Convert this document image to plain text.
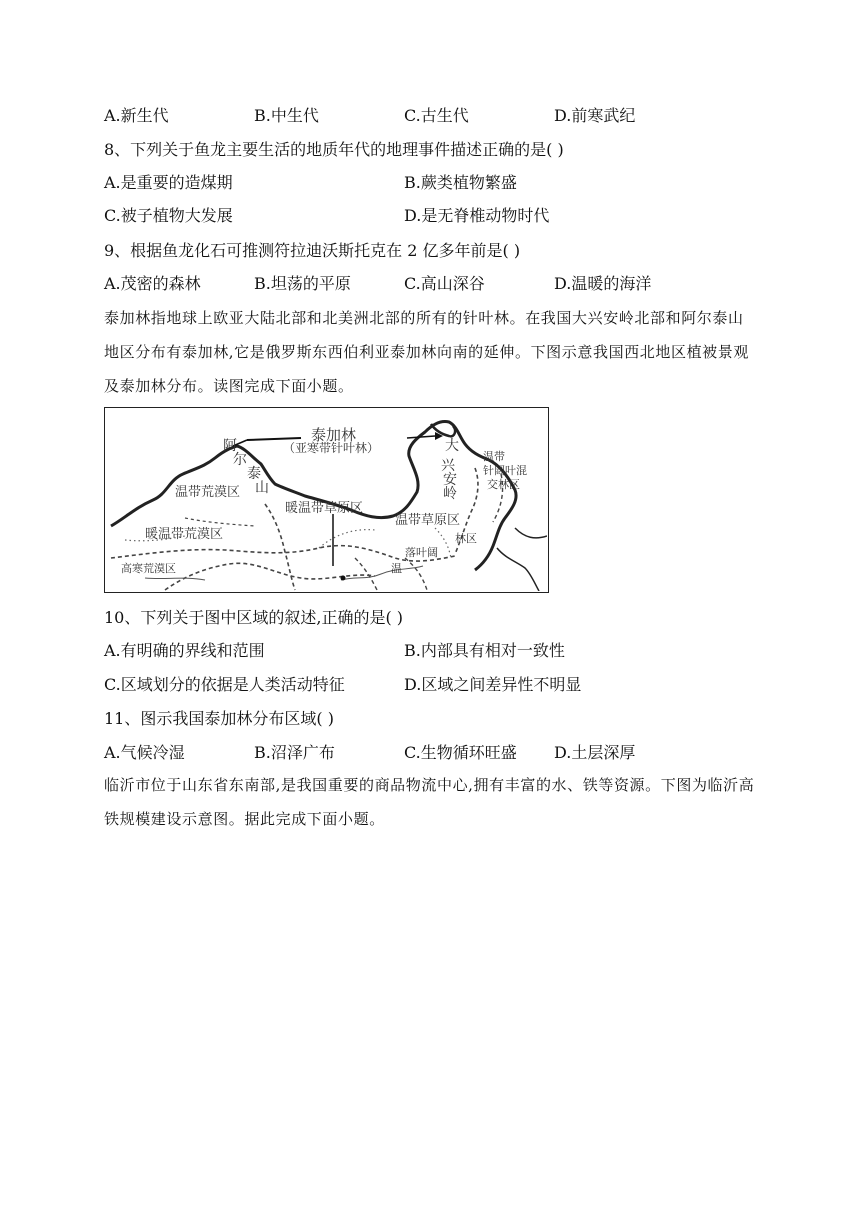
A.新生代	B.中生代	C.古生代	D.前寒武纪
8、下列关于鱼龙主要生活的地质年代的地理事件描述正确的是( )
A.是重要的造煤期	B.蕨类植物繁盛
C.被子植物大发展	D.是无脊椎动物时代
9、根据鱼龙化石可推测符拉迪沃斯托克在 2 亿多年前是( )
A.茂密的森林	B.坦荡的平原	C.高山深谷	D.温暖的海洋
泰加林指地球上欧亚大陆北部和北美洲北部的所有的针叶林。在我国大兴安岭北部和阿尔泰山地区分布有泰加林,它是俄罗斯东西伯利亚泰加林向南的延伸。下图示意我国西北地区植被景观及泰加林分布。读图完成下面小题。
泰加林
（亚寒带针叶林）
阿
尔
泰
山
大
兴
安
岭
温带
针阔叶混
交林区
温带荒漠区
暖温带草原区
暖温带荒漠区
温带草原区
高寒荒漠区
林区
落叶阔
温
10、下列关于图中区域的叙述,正确的是( )
A.有明确的界线和范围	B.内部具有相对一致性
C.区域划分的依据是人类活动特征	D.区域之间差异性不明显
11、图示我国泰加林分布区域( )
A.气候冷湿	B.沼泽广布	C.生物循环旺盛 D.土层深厚
临沂市位于山东省东南部,是我国重要的商品物流中心,拥有丰富的水、铁等资源。下图为临沂高铁规模建设示意图。据此完成下面小题。
